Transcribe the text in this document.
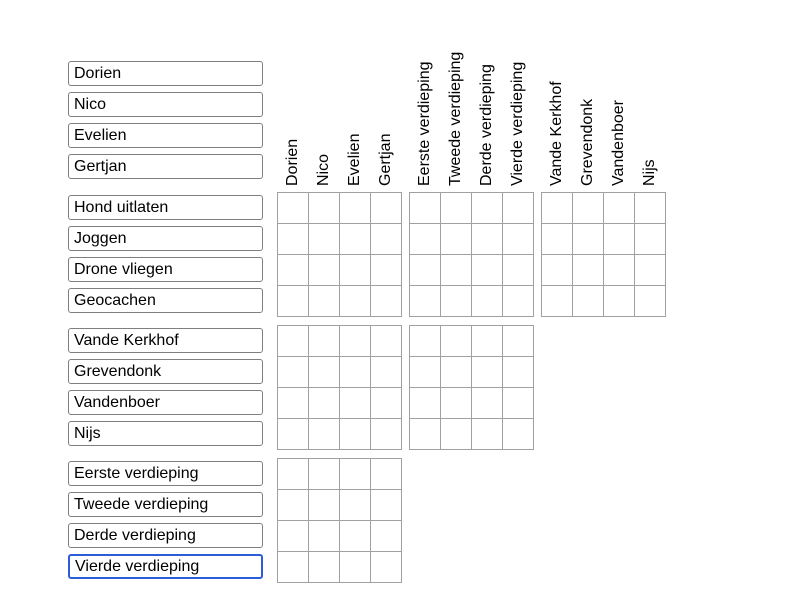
Dorien
Nico
Evelien
Gertjan
Hond uitlaten
Joggen
Drone vliegen
Geocachen
Vande Kerkhof
Grevendonk
Vandenboer
Nijs
Eerste verdieping
Tweede verdieping
Derde verdieping
Vierde verdieping
Dorien Nico Evelien Gertjan Eerste verdieping Tweede verdieping Derde verdieping Vierde verdieping Vande Kerkhof Grevendonk Vandenboer Nijs
